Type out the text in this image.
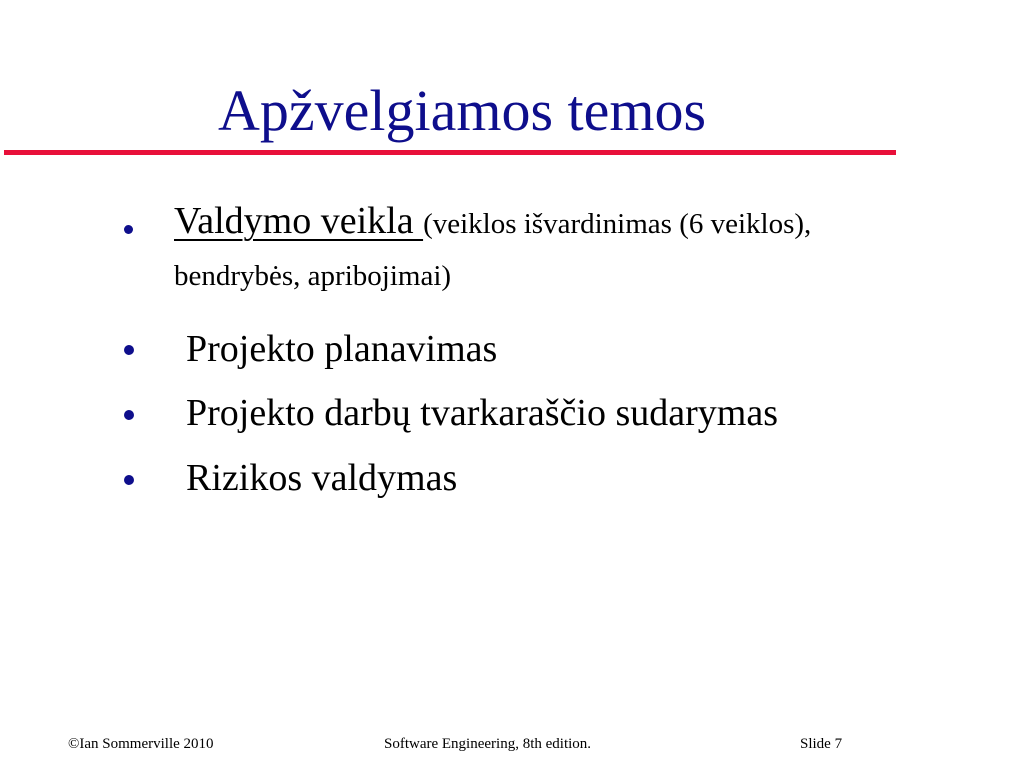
Apžvelgiamos temos
Valdymo veikla (veiklos išvardinimas (6 veiklos),
bendrybės, apribojimai)
Projekto planavimas
Projekto darbų tvarkaraščio sudarymas
Rizikos valdymas
©Ian Sommerville 2010	Software Engineering, 8th edition.	Slide 7
